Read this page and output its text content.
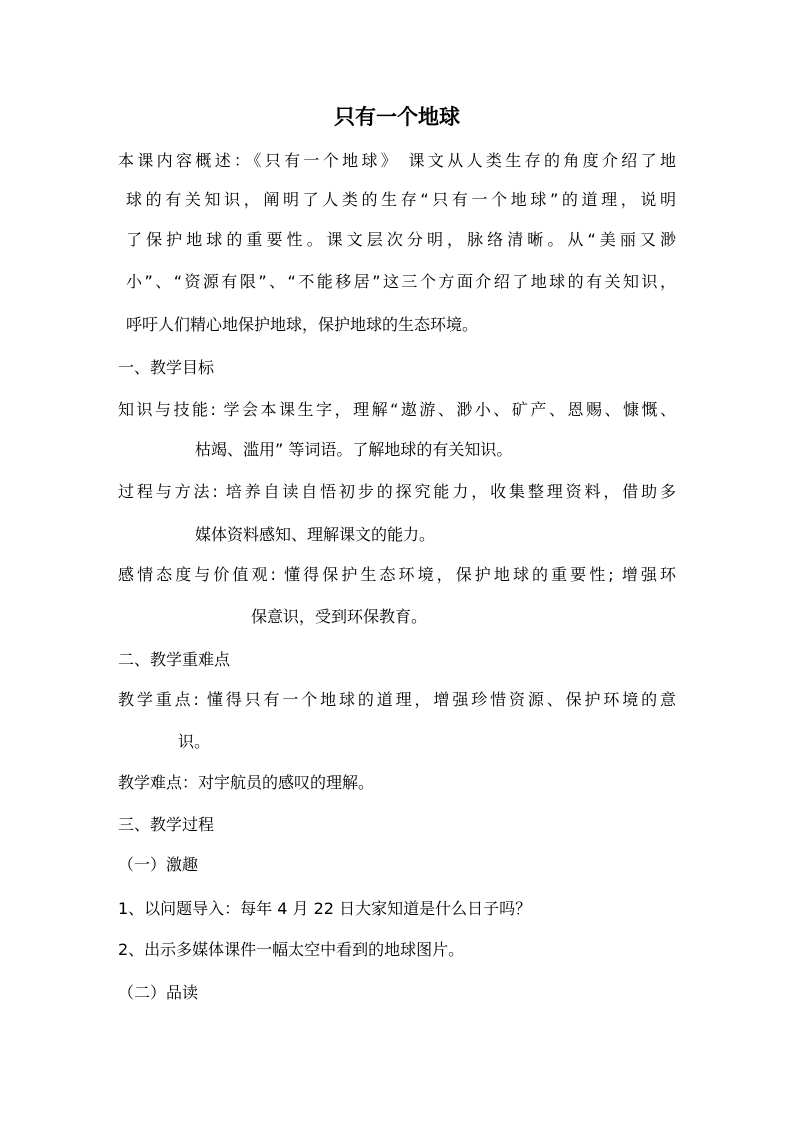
只有一个地球
本课内容概述：《只有一个地球》 课文从人类生存的角度介绍了地
球的有关知识，阐明了人类的生存“只有一个地球”的道理，说明
了保护地球的重要性。课文层次分明，脉络清晰。从“美丽又渺
小”、“资源有限”、“不能移居”这三个方面介绍了地球的有关知识，
呼吁人们精心地保护地球，保护地球的生态环境。
一、教学目标
知识与技能: 学会本课生字，理解“遨游、渺小、矿产、恩赐、慷慨、
枯竭、滥用” 等词语。了解地球的有关知识。
过程与方法: 培养自读自悟初步的探究能力，收集整理资料，借助多
媒体资料感知、理解课文的能力。
感情态度与价值观: 懂得保护生态环境，保护地球的重要性; 增强环
保意识，受到环保教育。
二、教学重难点
教学重点: 懂得只有一个地球的道理，增强珍惜资源、保护环境的意
识。
教学难点：对宇航员的感叹的理解。
三、教学过程
（一）激趣
1、以问题导入：每年 4 月 22 日大家知道是什么日子吗？
2、出示多媒体课件一幅太空中看到的地球图片。
（二）品读
